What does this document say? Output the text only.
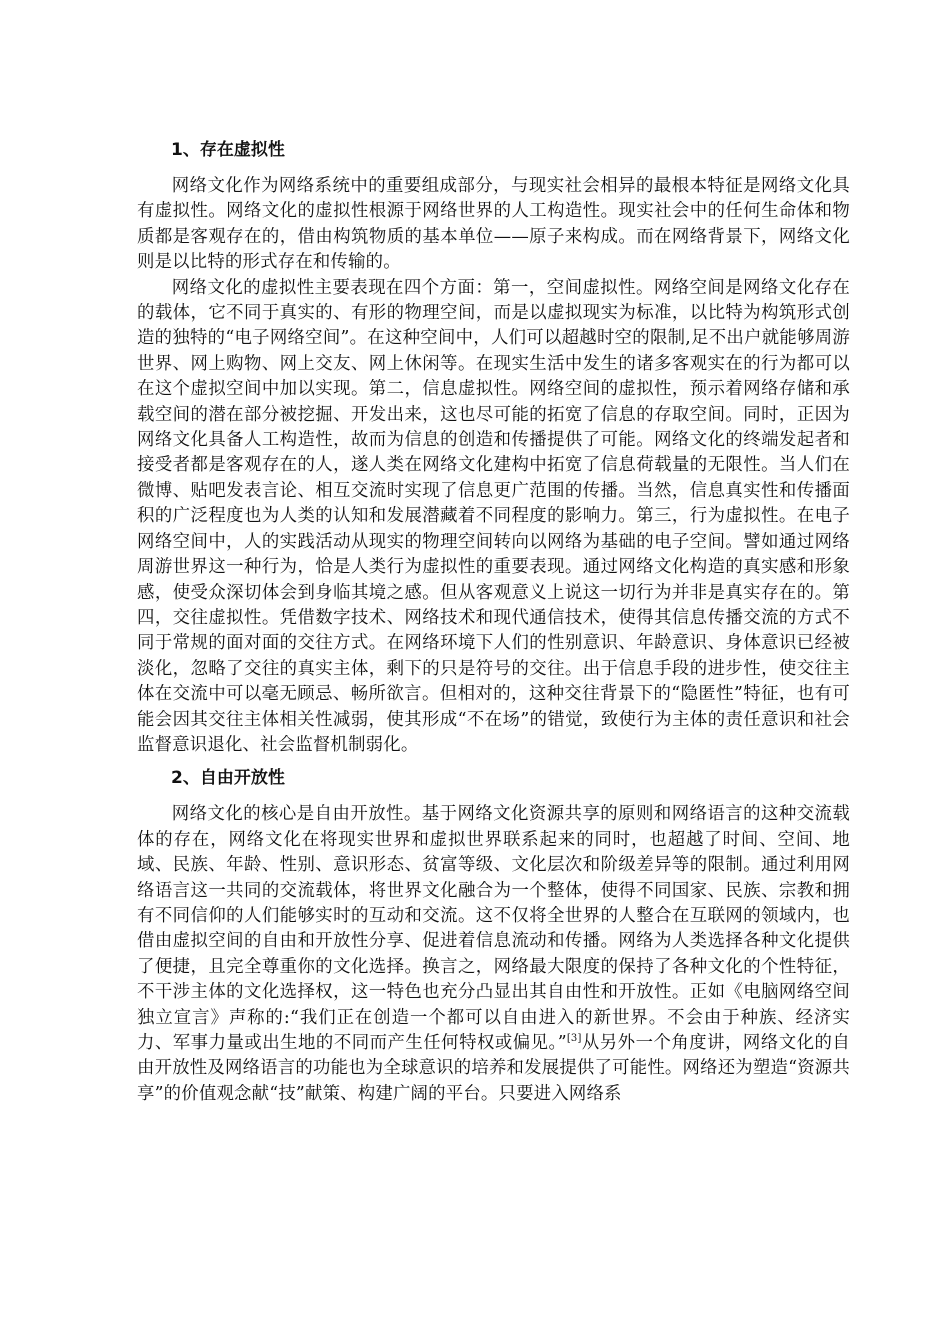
1、存在虚拟性

网络文化作为网络系统中的重要组成部分，与现实社会相异的最根本特征是网络文化具有虚拟性。网络文化的虚拟性根源于网络世界的人工构造性。现实社会中的任何生命体和物质都是客观存在的，借由构筑物质的基本单位——原子来构成。而在网络背景下，网络文化则是以比特的形式存在和传输的。

网络文化的虚拟性主要表现在四个方面：第一，空间虚拟性。网络空间是网络文化存在的载体，它不同于真实的、有形的物理空间，而是以虚拟现实为标准，以比特为构筑形式创造的独特的“电子网络空间”。在这种空间中，人们可以超越时空的限制,足不出户就能够周游世界、网上购物、网上交友、网上休闲等。在现实生活中发生的诸多客观实在的行为都可以在这个虚拟空间中加以实现。第二，信息虚拟性。网络空间的虚拟性，预示着网络存储和承载空间的潜在部分被挖掘、开发出来，这也尽可能的拓宽了信息的存取空间。同时，正因为网络文化具备人工构造性，故而为信息的创造和传播提供了可能。网络文化的终端发起者和接受者都是客观存在的人，遂人类在网络文化建构中拓宽了信息荷载量的无限性。当人们在微博、贴吧发表言论、相互交流时实现了信息更广范围的传播。当然，信息真实性和传播面积的广泛程度也为人类的认知和发展潜藏着不同程度的影响力。第三，行为虚拟性。在电子网络空间中，人的实践活动从现实的物理空间转向以网络为基础的电子空间。譬如通过网络周游世界这一种行为，恰是人类行为虚拟性的重要表现。通过网络文化构造的真实感和形象感，使受众深切体会到身临其境之感。但从客观意义上说这一切行为并非是真实存在的。第四，交往虚拟性。凭借数字技术、网络技术和现代通信技术，使得其信息传播交流的方式不同于常规的面对面的交往方式。在网络环境下人们的性别意识、年龄意识、身体意识已经被淡化，忽略了交往的真实主体，剩下的只是符号的交往。出于信息手段的进步性，使交往主体在交流中可以毫无顾忌、畅所欲言。但相对的，这种交往背景下的“隐匿性”特征，也有可能会因其交往主体相关性减弱，使其形成“不在场”的错觉，致使行为主体的责任意识和社会监督意识退化、社会监督机制弱化。

2、自由开放性

网络文化的核心是自由开放性。基于网络文化资源共享的原则和网络语言的这种交流载体的存在，网络文化在将现实世界和虚拟世界联系起来的同时，也超越了时间、空间、地域、民族、年龄、性别、意识形态、贫富等级、文化层次和阶级差异等的限制。通过利用网络语言这一共同的交流载体，将世界文化融合为一个整体，使得不同国家、民族、宗教和拥有不同信仰的人们能够实时的互动和交流。这不仅将全世界的人整合在互联网的领域内，也借由虚拟空间的自由和开放性分享、促进着信息流动和传播。网络为人类选择各种文化提供了便捷，且完全尊重你的文化选择。换言之，网络最大限度的保持了各种文化的个性特征，不干涉主体的文化选择权，这一特色也充分凸显出其自由性和开放性。正如《电脑网络空间独立宣言》声称的:“我们正在创造一个都可以自由进入的新世界。不会由于种族、经济实力、军事力量或出生地的不同而产生任何特权或偏见。”[3]从另外一个角度讲，网络文化的自由开放性及网络语言的功能也为全球意识的培养和发展提供了可能性。网络还为塑造“资源共享”的价值观念献“技”献策、构建广阔的平台。只要进入网络系
